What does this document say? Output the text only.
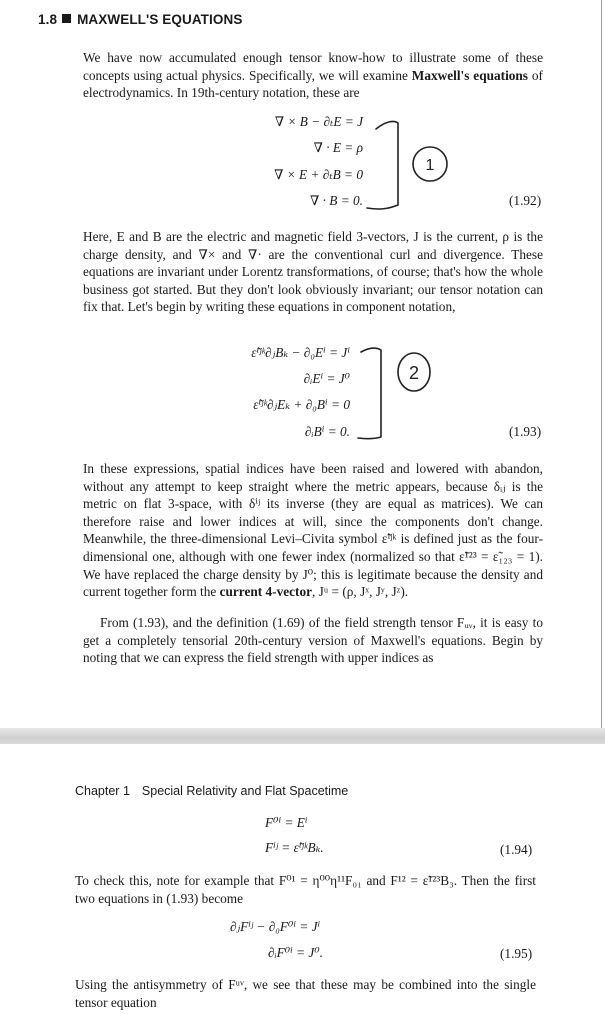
1.8 MAXWELL'S EQUATIONS
We have now accumulated enough tensor know-how to illustrate some of these concepts using actual physics. Specifically, we will examine Maxwell's equations of electrodynamics. In 19th-century notation, these are
∇ × B − ∂ₜE = J
∇ · E = ρ
∇ × E + ∂ₜB = 0
∇ · B = 0.	(1.92)
Here, E and B are the electric and magnetic field 3-vectors, J is the current, ρ is the charge density, and ∇× and ∇· are the conventional curl and divergence. These equations are invariant under Lorentz transformations, of course; that's how the whole business got started. But they don't look obviously invariant; our tensor notation can fix that. Let's begin by writing these equations in component notation,
ε̃ⁱʲᵏ∂ⱼBₖ − ∂₀Eⁱ = Jⁱ
∂ᵢEⁱ = J⁰
ε̃ⁱʲᵏ∂ⱼEₖ + ∂₀Bⁱ = 0
∂ᵢBⁱ = 0.	(1.93)
In these expressions, spatial indices have been raised and lowered with abandon, without any attempt to keep straight where the metric appears, because δᵢⱼ is the metric on flat 3-space, with δⁱʲ its inverse (they are equal as matrices). We can therefore raise and lower indices at will, since the components don't change. Meanwhile, the three-dimensional Levi–Civita symbol ε̃ⁱʲᵏ is defined just as the four-dimensional one, although with one fewer index (normalized so that ε̃¹²³ = ε̃₁₂₃ = 1). We have replaced the charge density by J⁰; this is legitimate because the density and current together form the current 4-vector, Jᵘ = (ρ, Jˣ, Jʸ, Jᶻ).
From (1.93), and the definition (1.69) of the field strength tensor Fᵤᵥ, it is easy to get a completely tensorial 20th-century version of Maxwell's equations. Begin by noting that we can express the field strength with upper indices as
1
2
Chapter 1 Special Relativity and Flat Spacetime
F⁰ⁱ = Eⁱ
Fⁱʲ = ε̃ⁱʲᵏBₖ.	(1.94)
To check this, note for example that F⁰¹ = η⁰⁰η¹¹F₀₁ and F¹² = ε̃¹²³B₃. Then the first two equations in (1.93) become
∂ⱼFⁱʲ − ∂₀F⁰ⁱ = Jⁱ
∂ᵢF⁰ⁱ = J⁰.	(1.95)
Using the antisymmetry of Fᵘᵛ, we see that these may be combined into the single tensor equation
